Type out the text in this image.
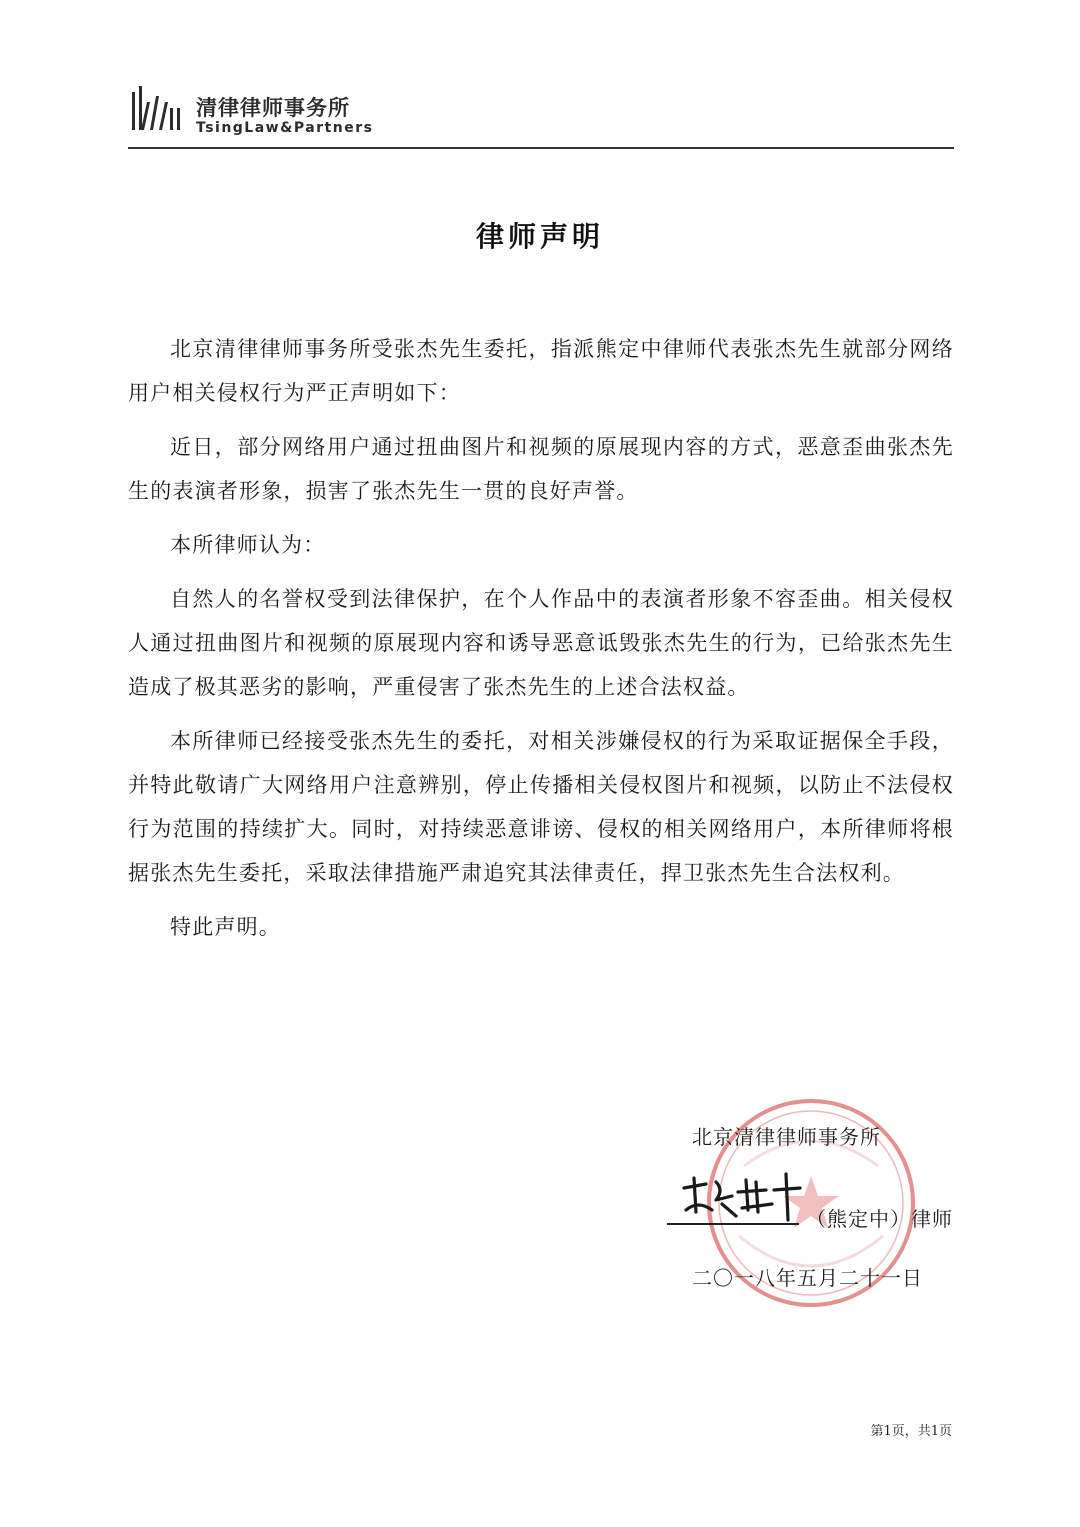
清律律师事务所
TsingLaw&Partners
律师声明

北京清律律师事务所受张杰先生委托，指派熊定中律师代表张杰先生就部分网络用户相关侵权行为严正声明如下：

近日，部分网络用户通过扭曲图片和视频的原展现内容的方式，恶意歪曲张杰先生的表演者形象，损害了张杰先生一贯的良好声誉。

本所律师认为：

自然人的名誉权受到法律保护，在个人作品中的表演者形象不容歪曲。相关侵权人通过扭曲图片和视频的原展现内容和诱导恶意诋毁张杰先生的行为，已给张杰先生造成了极其恶劣的影响，严重侵害了张杰先生的上述合法权益。

本所律师已经接受张杰先生的委托，对相关涉嫌侵权的行为采取证据保全手段，并特此敬请广大网络用户注意辨别，停止传播相关侵权图片和视频，以防止不法侵权行为范围的持续扩大。同时，对持续恶意诽谤、侵权的相关网络用户，本所律师将根据张杰先生委托，采取法律措施严肃追究其法律责任，捍卫张杰先生合法权利。

特此声明。

北京清律律师事务所
（熊定中）律师
二〇一八年五月二十一日
第1页，共1页
